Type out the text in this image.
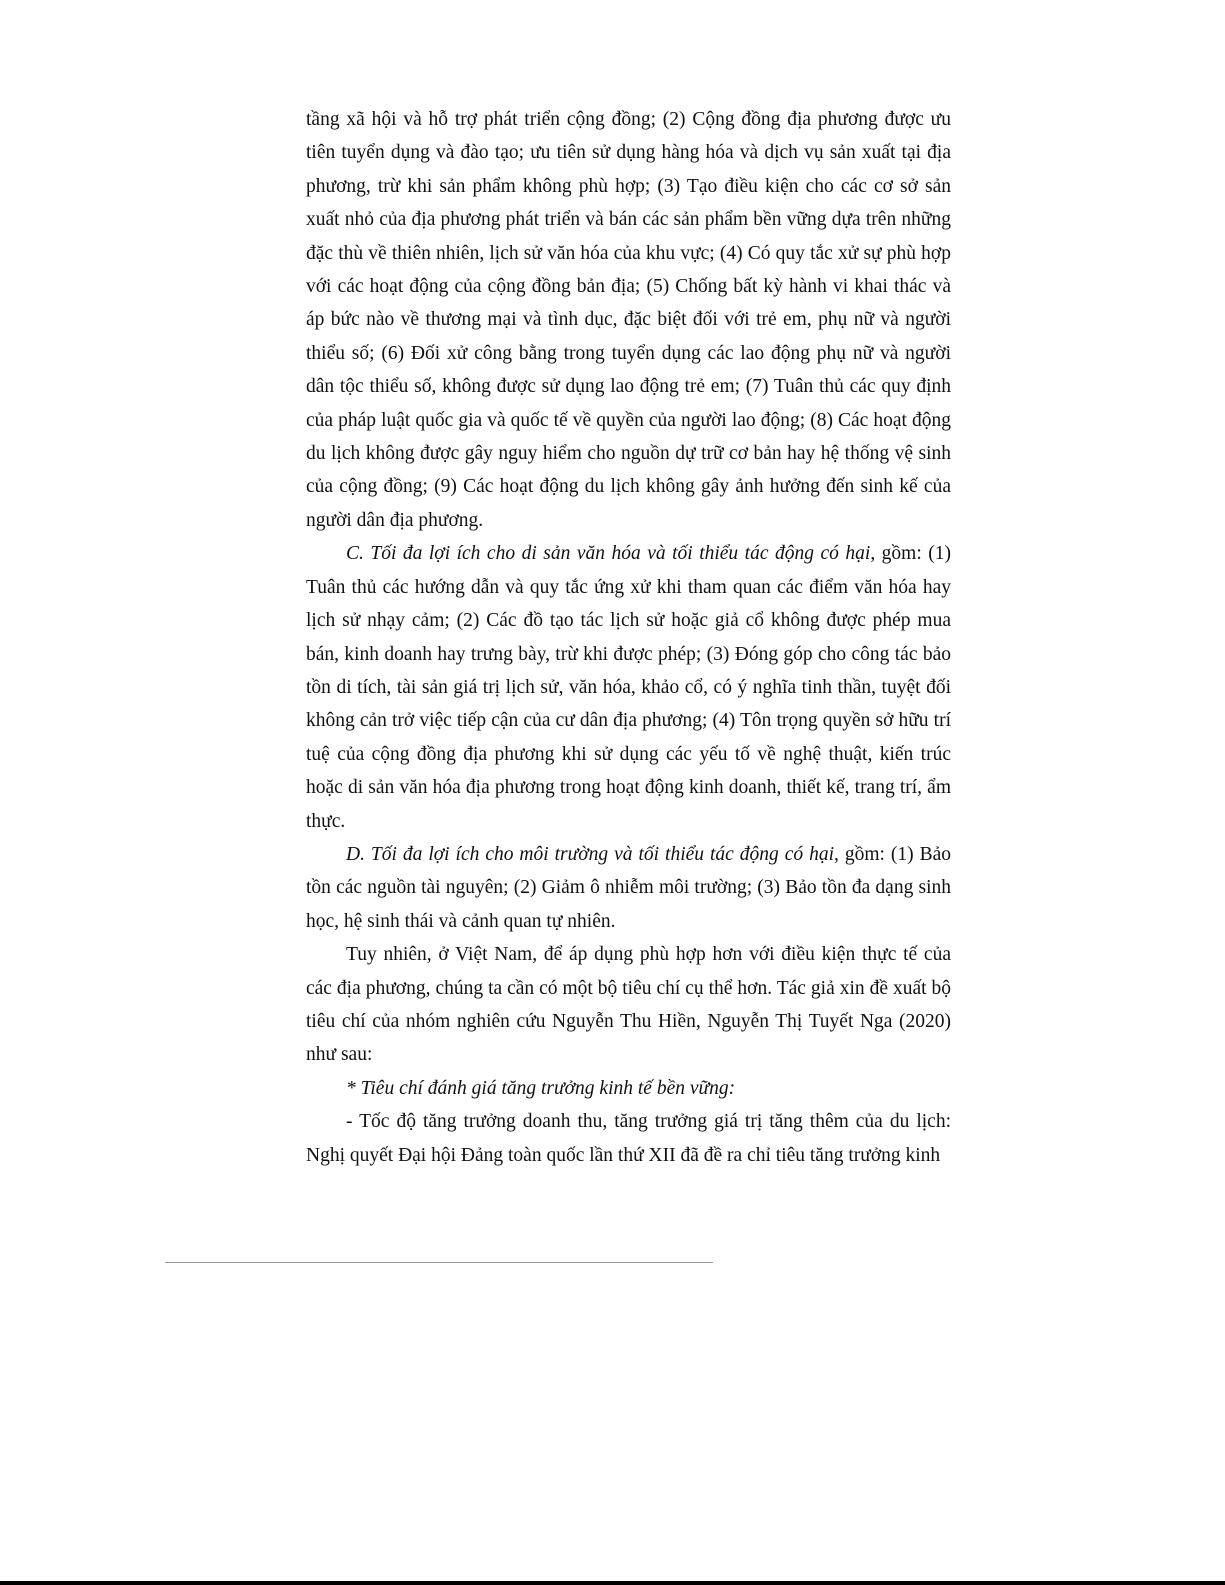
tầng xã hội và hỗ trợ phát triển cộng đồng; (2) Cộng đồng địa phương được ưu tiên tuyển dụng và đào tạo; ưu tiên sử dụng hàng hóa và dịch vụ sản xuất tại địa phương, trừ khi sản phẩm không phù hợp; (3) Tạo điều kiện cho các cơ sở sản xuất nhỏ của địa phương phát triển và bán các sản phẩm bền vững dựa trên những đặc thù về thiên nhiên, lịch sử văn hóa của khu vực; (4) Có quy tắc xử sự phù hợp với các hoạt động của cộng đồng bản địa; (5) Chống bất kỳ hành vi khai thác và áp bức nào về thương mại và tình dục, đặc biệt đối với trẻ em, phụ nữ và người thiểu số; (6) Đối xử công bằng trong tuyển dụng các lao động phụ nữ và người dân tộc thiểu số, không được sử dụng lao động trẻ em; (7) Tuân thủ các quy định của pháp luật quốc gia và quốc tế về quyền của người lao động; (8) Các hoạt động du lịch không được gây nguy hiểm cho nguồn dự trữ cơ bản hay hệ thống vệ sinh của cộng đồng; (9) Các hoạt động du lịch không gây ảnh hưởng đến sinh kế của người dân địa phương.

C. Tối đa lợi ích cho di sản văn hóa và tối thiểu tác động có hại, gồm: (1) Tuân thủ các hướng dẫn và quy tắc ứng xử khi tham quan các điểm văn hóa hay lịch sử nhạy cảm; (2) Các đồ tạo tác lịch sử hoặc giả cổ không được phép mua bán, kinh doanh hay trưng bày, trừ khi được phép; (3) Đóng góp cho công tác bảo tồn di tích, tài sản giá trị lịch sử, văn hóa, khảo cổ, có ý nghĩa tinh thần, tuyệt đối không cản trở việc tiếp cận của cư dân địa phương; (4) Tôn trọng quyền sở hữu trí tuệ của cộng đồng địa phương khi sử dụng các yếu tố về nghệ thuật, kiến trúc hoặc di sản văn hóa địa phương trong hoạt động kinh doanh, thiết kế, trang trí, ẩm thực.

D. Tối đa lợi ích cho môi trường và tối thiểu tác động có hại, gồm: (1) Bảo tồn các nguồn tài nguyên; (2) Giảm ô nhiễm môi trường; (3) Bảo tồn đa dạng sinh học, hệ sinh thái và cảnh quan tự nhiên.

Tuy nhiên, ở Việt Nam, để áp dụng phù hợp hơn với điều kiện thực tế của các địa phương, chúng ta cần có một bộ tiêu chí cụ thể hơn. Tác giả xin đề xuất bộ tiêu chí của nhóm nghiên cứu Nguyễn Thu Hiền, Nguyễn Thị Tuyết Nga (2020) như sau:

* Tiêu chí đánh giá tăng trưởng kinh tế bền vững:

- Tốc độ tăng trưởng doanh thu, tăng trưởng giá trị tăng thêm của du lịch: Nghị quyết Đại hội Đảng toàn quốc lần thứ XII đã đề ra chỉ tiêu tăng trưởng kinh
